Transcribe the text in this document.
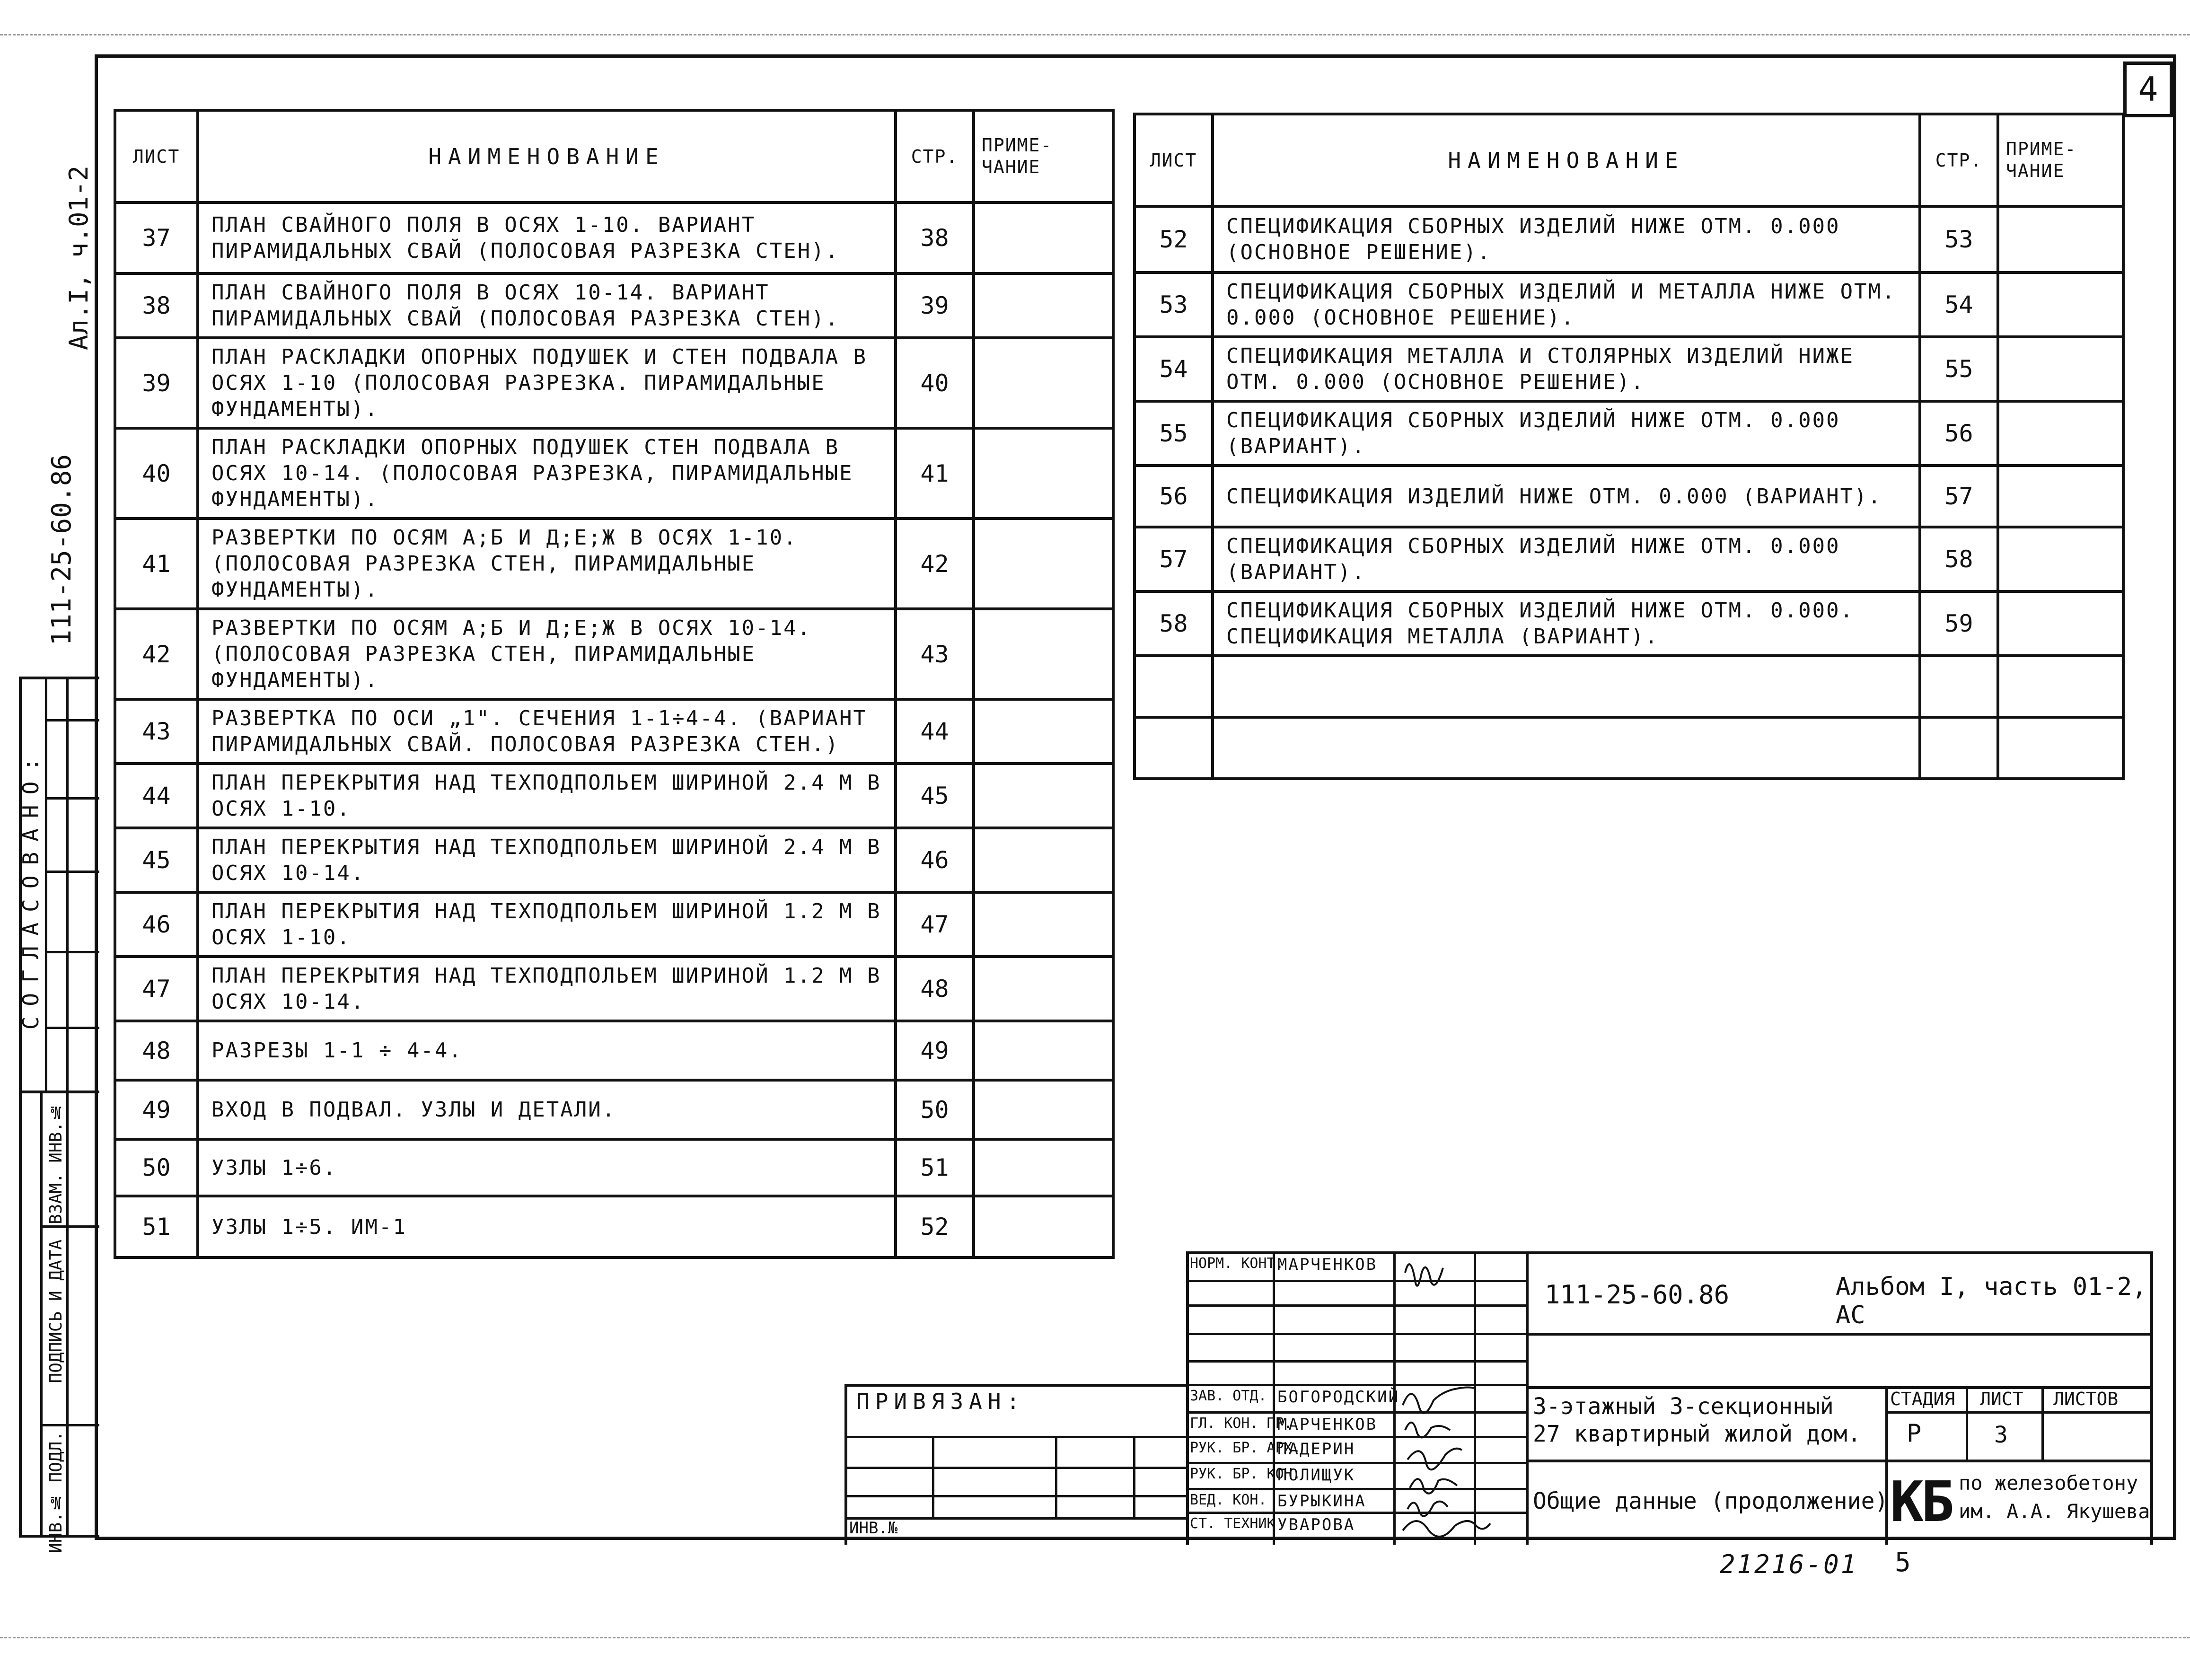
4
Ал.I, ч.01-2
111-25-60.86
СОГЛАСОВАНО:
ВЗАМ. ИНВ.№
ПОДПИСЬ И ДАТА
ИНВ.№ ПОДЛ.
ЛИСТ	НАИМЕНОВАНИЕ	СТР.	ПРИМЕ-
ЧАНИЕ
37	ПЛАН СВАЙНОГО ПОЛЯ В ОСЯХ 1-10. ВАРИАНТ ПИРАМИДАЛЬНЫХ СВАЙ (ПОЛОСОВАЯ РАЗРЕЗКА СТЕН).	38	
38	ПЛАН СВАЙНОГО ПОЛЯ В ОСЯХ 10-14. ВАРИАНТ ПИРАМИДАЛЬНЫХ СВАЙ (ПОЛОСОВАЯ РАЗРЕЗКА СТЕН).	39	
39	ПЛАН РАСКЛАДКИ ОПОРНЫХ ПОДУШЕК И СТЕН ПОДВАЛА В ОСЯХ 1-10 (ПОЛОСОВАЯ РАЗРЕЗКА. ПИРАМИДАЛЬНЫЕ ФУНДАМЕНТЫ).	40	
40	ПЛАН РАСКЛАДКИ ОПОРНЫХ ПОДУШЕК СТЕН ПОДВАЛА В ОСЯХ 10-14. (ПОЛОСОВАЯ РАЗРЕЗКА, ПИРАМИДАЛЬНЫЕ ФУНДАМЕНТЫ).	41	
41	РАЗВЕРТКИ ПО ОСЯМ А;Б И Д;Е;Ж В ОСЯХ 1-10. (ПОЛОСОВАЯ РАЗРЕЗКА СТЕН, ПИРАМИДАЛЬНЫЕ ФУНДАМЕНТЫ).	42	
42	РАЗВЕРТКИ ПО ОСЯМ А;Б И Д;Е;Ж В ОСЯХ 10-14. (ПОЛОСОВАЯ РАЗРЕЗКА СТЕН, ПИРАМИДАЛЬНЫЕ ФУНДАМЕНТЫ).	43	
43	РАЗВЕРТКА ПО ОСИ „1". СЕЧЕНИЯ 1-1÷4-4. (ВАРИАНТ ПИРАМИДАЛЬНЫХ СВАЙ. ПОЛОСОВАЯ РАЗРЕЗКА СТЕН.)	44	
44	ПЛАН ПЕРЕКРЫТИЯ НАД ТЕХПОДПОЛЬЕМ ШИРИНОЙ 2.4 М В ОСЯХ 1-10.	45	
45	ПЛАН ПЕРЕКРЫТИЯ НАД ТЕХПОДПОЛЬЕМ ШИРИНОЙ 2.4 М В ОСЯХ 10-14.	46	
46	ПЛАН ПЕРЕКРЫТИЯ НАД ТЕХПОДПОЛЬЕМ ШИРИНОЙ 1.2 М В ОСЯХ 1-10.	47	
47	ПЛАН ПЕРЕКРЫТИЯ НАД ТЕХПОДПОЛЬЕМ ШИРИНОЙ 1.2 М В ОСЯХ 10-14.	48	
48	РАЗРЕЗЫ 1-1 ÷ 4-4.	49	
49	ВХОД В ПОДВАЛ. УЗЛЫ И ДЕТАЛИ.	50	
50	УЗЛЫ 1÷6.	51	
51	УЗЛЫ 1÷5. ИМ-1	52	
ЛИСТ	НАИМЕНОВАНИЕ	СТР.	ПРИМЕ-
ЧАНИЕ
52	СПЕЦИФИКАЦИЯ СБОРНЫХ ИЗДЕЛИЙ НИЖЕ ОТМ. 0.000 (ОСНОВНОЕ РЕШЕНИЕ).	53	
53	СПЕЦИФИКАЦИЯ СБОРНЫХ ИЗДЕЛИЙ И МЕТАЛЛА НИЖЕ ОТМ. 0.000 (ОСНОВНОЕ РЕШЕНИЕ).	54	
54	СПЕЦИФИКАЦИЯ МЕТАЛЛА И СТОЛЯРНЫХ ИЗДЕЛИЙ НИЖЕ ОТМ. 0.000 (ОСНОВНОЕ РЕШЕНИЕ).	55	
55	СПЕЦИФИКАЦИЯ СБОРНЫХ ИЗДЕЛИЙ НИЖЕ ОТМ. 0.000 (ВАРИАНТ).	56	
56	СПЕЦИФИКАЦИЯ ИЗДЕЛИЙ НИЖЕ ОТМ. 0.000 (ВАРИАНТ).	57	
57	СПЕЦИФИКАЦИЯ СБОРНЫХ ИЗДЕЛИЙ НИЖЕ ОТМ. 0.000 (ВАРИАНТ).	58	
58	СПЕЦИФИКАЦИЯ СБОРНЫХ ИЗДЕЛИЙ НИЖЕ ОТМ. 0.000. СПЕЦИФИКАЦИЯ МЕТАЛЛА (ВАРИАНТ).	59	

ПРИВЯЗАН:
ИНВ.№
НОРМ. КОНТ.
МАРЧЕНКОВ
ЗАВ. ОТД. БОГОРОДСКИЙ
ГЛ. КОН. ПР.
МАРЧЕНКОВ
РУК. БР. АРХ.
ПАДЕРИН
РУК. БР. КОН.
ПОЛИЩУК
ВЕД. КОН. БУРЫКИНА
СТ. ТЕХНИК УВАРОВА
111-25-60.86	Альбом I, часть 01-2, АС
3-этажный 3-секционный
27 квартирный жилой дом.
Общие данные (продолжение).
СТАДИЯ ЛИСТ ЛИСТОВ
Р	3
КБ по железобетону
им. А.А. Якушева
21216-01 5
